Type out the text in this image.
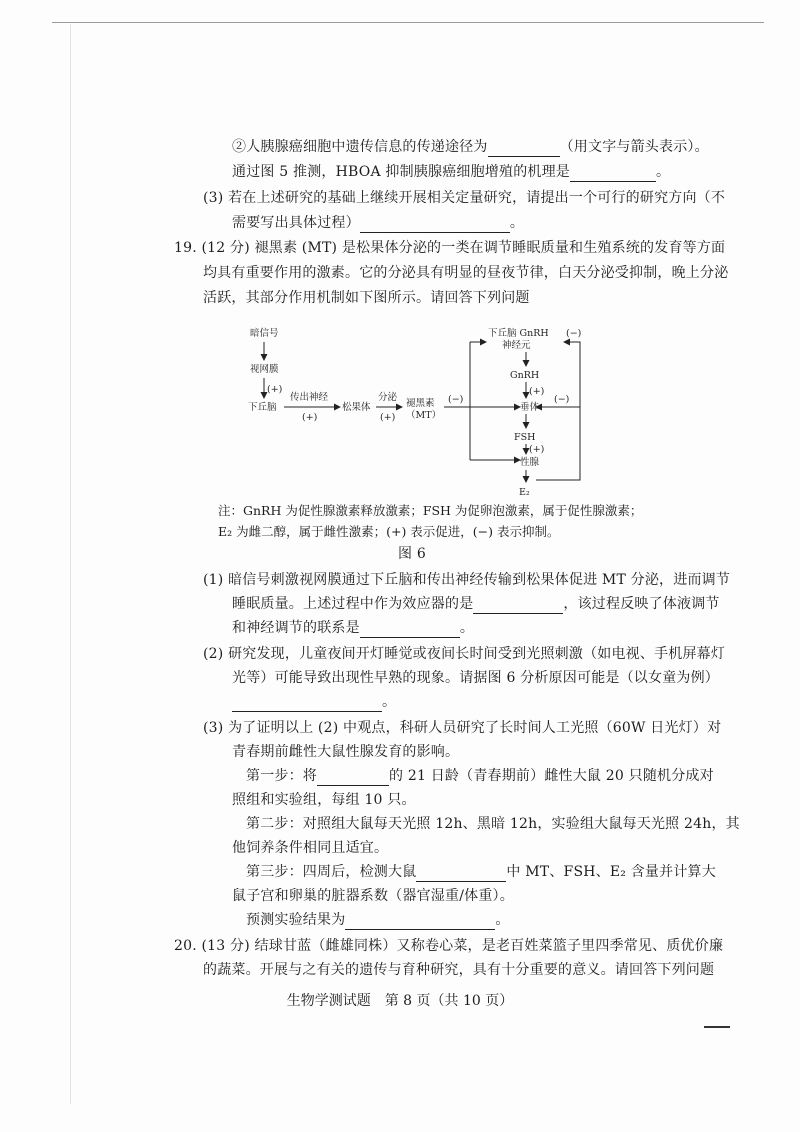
②人胰腺癌细胞中遗传信息的传递途径为	（用文字与箭头表示）。
通过图 5 推测，HBOA 抑制胰腺癌细胞增殖的机理是	。
(3) 若在上述研究的基础上继续开展相关定量研究，请提出一个可行的研究方向（不
需要写出具体过程）	。
19. (12 分) 褪黑素 (MT) 是松果体分泌的一类在调节睡眠质量和生殖系统的发育等方面
均具有重要作用的激素。它的分泌具有明显的昼夜节律，白天分泌受抑制，晚上分泌
活跃，其部分作用机制如下图所示。请回答下列问题
暗信号
视网膜
(+)
下丘脑
传出神经
(+)
松果体
分泌
(+)
褪黑素
（MT）
(−)
下丘脑 GnRH (−)
神经元
GnRH
(+)
垂体
FSH
(+)
性腺
E₂
(−)
注：GnRH 为促性腺激素释放激素；FSH 为促卵泡激素，属于促性腺激素；
E₂ 为雌二醇，属于雌性激素；(+) 表示促进，(−) 表示抑制。
图 6
(1) 暗信号刺激视网膜通过下丘脑和传出神经传输到松果体促进 MT 分泌，进而调节
睡眠质量。上述过程中作为效应器的是	，该过程反映了体液调节
和神经调节的联系是	。
(2) 研究发现，儿童夜间开灯睡觉或夜间长时间受到光照刺激（如电视、手机屏幕灯
光等）可能导致出现性早熟的现象。请据图 6 分析原因可能是（以女童为例）
。
(3) 为了证明以上 (2) 中观点，科研人员研究了长时间人工光照（60W 日光灯）对
青春期前雌性大鼠性腺发育的影响。
第一步：将	的 21 日龄（青春期前）雌性大鼠 20 只随机分成对
照组和实验组，每组 10 只。
第二步：对照组大鼠每天光照 12h、黑暗 12h，实验组大鼠每天光照 24h，其
他饲养条件相同且适宜。
第三步：四周后，检测大鼠	中 MT、FSH、E₂ 含量并计算大
鼠子宫和卵巢的脏器系数（器官湿重/体重）。
预测实验结果为	。
20. (13 分) 结球甘蓝（雌雄同株）又称卷心菜，是老百姓菜篮子里四季常见、质优价廉
的蔬菜。开展与之有关的遗传与育种研究，具有十分重要的意义。请回答下列问题
生物学测试题　第 8 页（共 10 页）
